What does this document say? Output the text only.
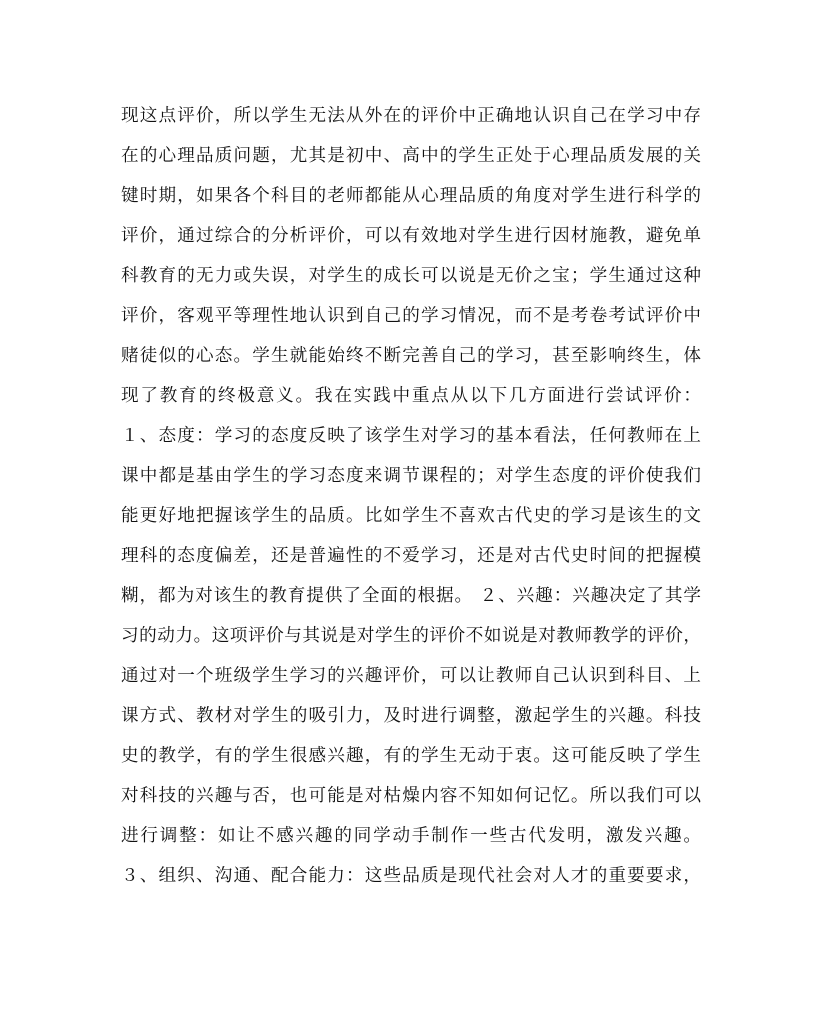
现这点评价，所以学生无法从外在的评价中正确地认识自己在学习中存
在的心理品质问题，尤其是初中、高中的学生正处于心理品质发展的关
键时期，如果各个科目的老师都能从心理品质的角度对学生进行科学的
评价，通过综合的分析评价，可以有效地对学生进行因材施教，避免单
科教育的无力或失误，对学生的成长可以说是无价之宝；学生通过这种
评价，客观平等理性地认识到自己的学习情况，而不是考卷考试评价中
赌徒似的心态。学生就能始终不断完善自己的学习，甚至影响终生，体
现了教育的终极意义。我在实践中重点从以下几方面进行尝试评价：
１、态度：学习的态度反映了该学生对学习的基本看法，任何教师在上
课中都是基由学生的学习态度来调节课程的；对学生态度的评价使我们
能更好地把握该学生的品质。比如学生不喜欢古代史的学习是该生的文
理科的态度偏差，还是普遍性的不爱学习，还是对古代史时间的把握模
糊，都为对该生的教育提供了全面的根据。 ２、兴趣：兴趣决定了其学
习的动力。这项评价与其说是对学生的评价不如说是对教师教学的评价，
通过对一个班级学生学习的兴趣评价，可以让教师自己认识到科目、上
课方式、教材对学生的吸引力，及时进行调整，激起学生的兴趣。科技
史的教学，有的学生很感兴趣，有的学生无动于衷。这可能反映了学生
对科技的兴趣与否，也可能是对枯燥内容不知如何记忆。所以我们可以
进行调整：如让不感兴趣的同学动手制作一些古代发明，激发兴趣。
３、组织、沟通、配合能力：这些品质是现代社会对人才的重要要求，
